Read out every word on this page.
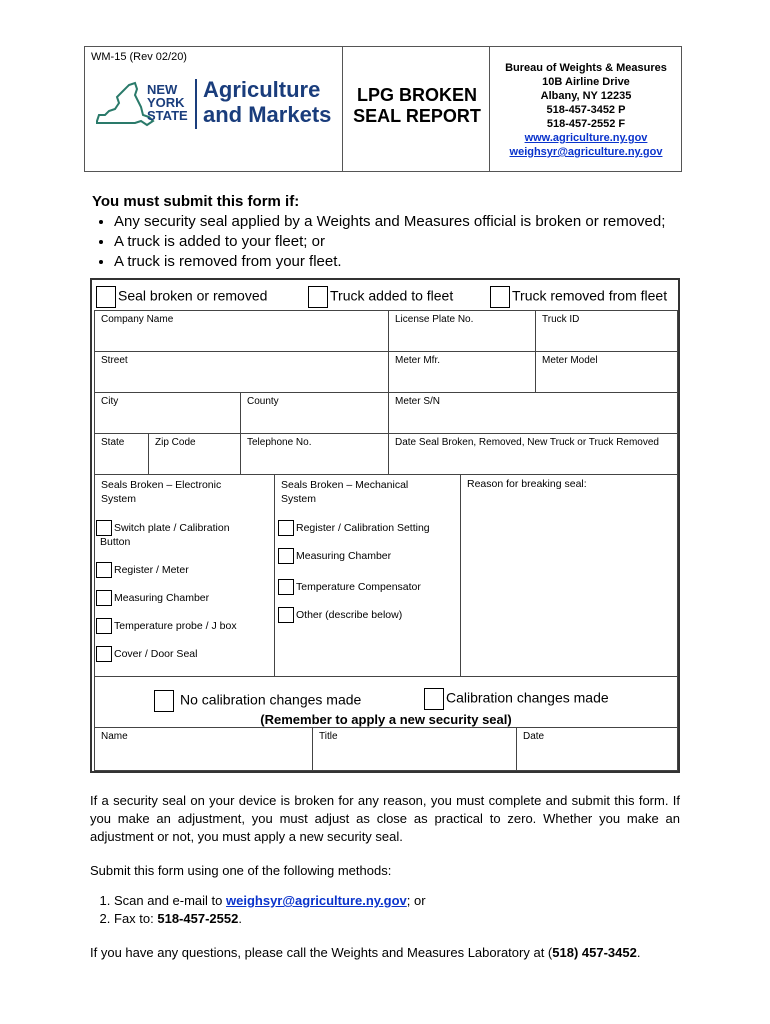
WM-15 (Rev 02/20)
NEW
YORK
STATE
Agriculture
and Markets
LPG BROKEN
SEAL REPORT
Bureau of Weights & Measures
10B Airline Drive
Albany, NY 12235
518-457-3452 P
518-457-2552 F
www.agriculture.ny.gov
weighsyr@agriculture.ny.gov
You must submit this form if:
• Any security seal applied by a Weights and Measures official is broken or removed;
• A truck is added to your fleet; or
• A truck is removed from your fleet.
Seal broken or removed	Truck added to fleet	Truck removed from fleet
Company Name	License Plate No.	Truck ID
Street	Meter Mfr.	Meter Model
City	County	Meter S/N
State	Zip Code	Telephone No.	Date Seal Broken, Removed, New Truck or Truck Removed
Seals Broken – Electronic
System
Switch plate / Calibration
Button
Register / Meter
Measuring Chamber
Temperature probe / J box
Cover / Door Seal
Seals Broken – Mechanical
System
Register / Calibration Setting
Measuring Chamber
Temperature Compensator
Other (describe below)
Reason for breaking seal:
No calibration changes made	Calibration changes made
(Remember to apply a new security seal)
Name	Title	Date
If a security seal on your device is broken for any reason, you must complete and submit this form. If you make an adjustment, you must adjust as close as practical to zero. Whether you make an adjustment or not, you must apply a new security seal.
Submit this form using one of the following methods:
1. Scan and e-mail to weighsyr@agriculture.ny.gov; or
2. Fax to: 518-457-2552.
If you have any questions, please call the Weights and Measures Laboratory at (518) 457-3452.
